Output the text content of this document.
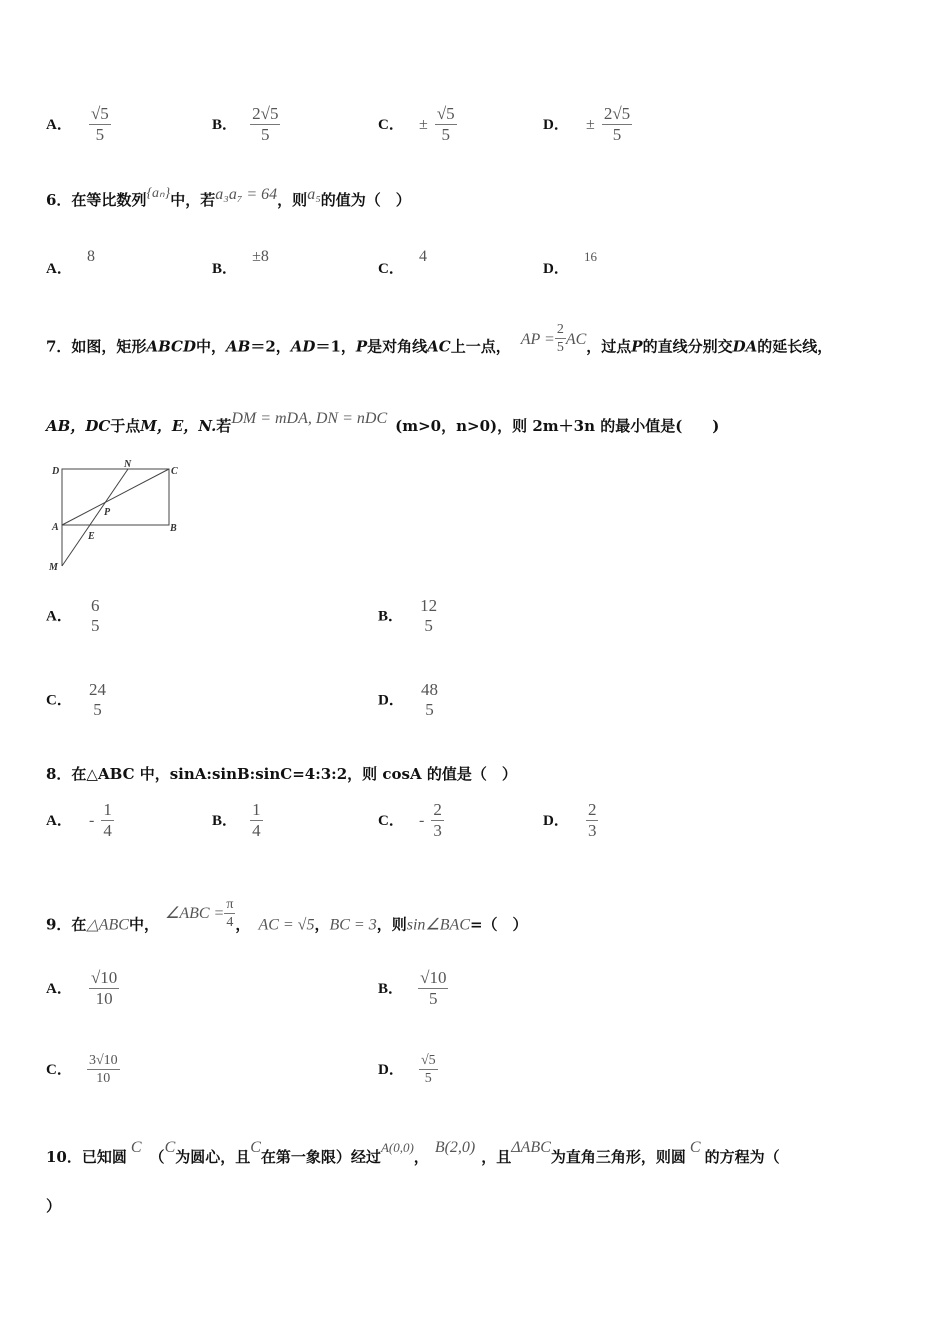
A． $\frac{√5}{5}$	B． $\frac{2√5}{5}$	C． ± $\frac{√5}{5}$	D． ± $\frac{2√5}{5}$
6．在等比数列{aₙ}中，若a₃a₇ = 64，则a₅的值为（　）
A． 8
B． ±8
C． 4
D． 16
7．如图，矩形ABCD中，AB＝2，AD＝1，P是对角线AC上一点， AP = $\frac{2}{5}$ AC，过点P的直线分别交DA的延长线，
AB，DC于点M，E，N.若DM = mDA, DN = nDC (m>0，n>0)，则 2m＋3n 的最小值是(　　)
D
N
C
P
A	B
E
M
A．
6
5	B．
12
5
C．
24
5	D．
48
5
8．在△ABC 中，sinA:sinB:sinC=4:3:2，则 cosA 的值是（　）
A． - $\frac{1}{4}$	B． $\frac{1}{4}$	C． - $\frac{2}{3}$	D． $\frac{2}{3}$
9．在△ABC中，∠ABC = $\frac{\pi}{4}$ ， AC = √5，BC = 3，则sin∠BAC=（　）
A． $\frac{√10}{10}$	B． $\frac{√10}{5}$
C． $\frac{3√10}{10}$	D． $\frac{√5}{5}$
10．已知圆C（C为圆心，且C在第一象限）经过A(0,0)，B(2,0)，且ΔABC为直角三角形，则圆C的方程为（
）
